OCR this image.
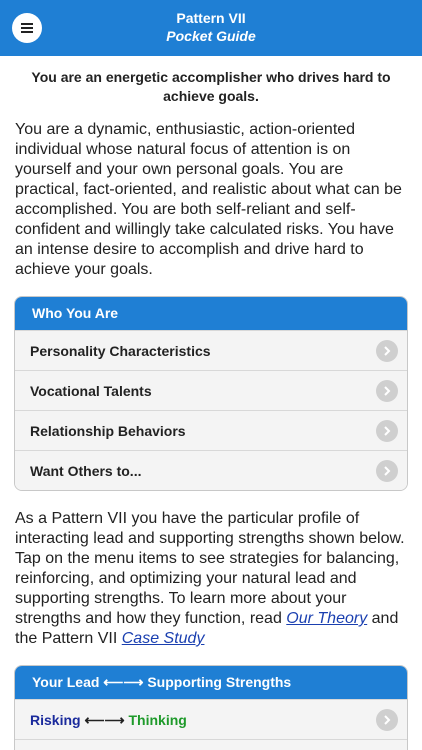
Pattern VII
Pocket Guide
You are an energetic accomplisher who drives hard to achieve goals.
You are a dynamic, enthusiastic, action-oriented individual whose natural focus of attention is on yourself and your own personal goals. You are practical, fact-oriented, and realistic about what can be accomplished. You are both self-reliant and self-confident and willingly take calculated risks. You have an intense desire to accomplish and drive hard to achieve your goals.
Who You Are
Personality Characteristics
Vocational Talents
Relationship Behaviors
Want Others to...
As a Pattern VII you have the particular profile of interacting lead and supporting strengths shown below. Tap on the menu items to see strategies for balancing, reinforcing, and optimizing your natural lead and supporting strengths. To learn more about your strengths and how they function, read Our Theory and the Pattern VII Case Study
Your Lead ⟵⟶ Supporting Strengths
Risking ⟵⟶ Thinking
